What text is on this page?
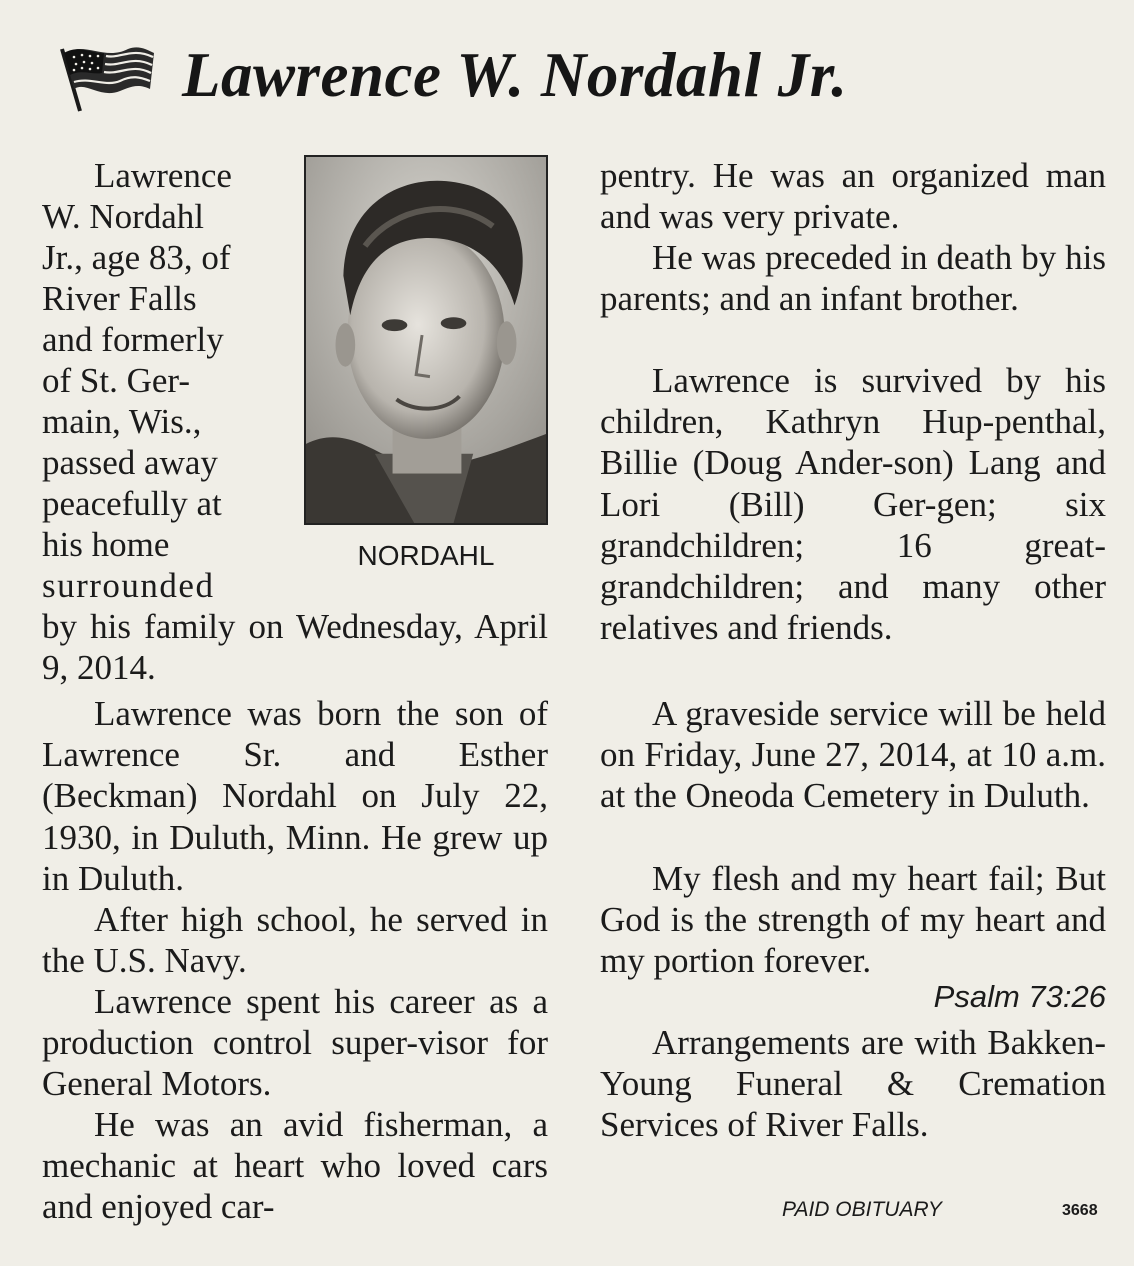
Lawrence W. Nordahl Jr.
Lawrence
W. Nordahl
Jr., age 83, of
River Falls
and formerly
of St. Ger-
main, Wis.,
passed away
peacefully at
his home
surrounded
NORDAHL
by his family on Wednesday, April 9, 2014.
Lawrence was born the son of Lawrence Sr. and Esther (Beckman) Nordahl on July 22, 1930, in Duluth, Minn. He grew up in Duluth.
After high school, he served in the U.S. Navy.
Lawrence spent his career as a production control super-visor for General Motors.
He was an avid fisherman, a mechanic at heart who loved cars and enjoyed car-
pentry. He was an organized man and was very private.
He was preceded in death by his parents; and an infant brother.
Lawrence is survived by his children, Kathryn Hup-penthal, Billie (Doug Ander-son) Lang and Lori (Bill) Ger-gen; six grandchildren; 16 great-grandchildren; and many other relatives and friends.
A graveside service will be held on Friday, June 27, 2014, at 10 a.m. at the Oneoda Cemetery in Duluth.
My flesh and my heart fail; But God is the strength of my heart and my portion forever.
Psalm 73:26
Arrangements are with Bakken-Young Funeral & Cremation Services of River Falls.
PAID OBITUARY	3668
